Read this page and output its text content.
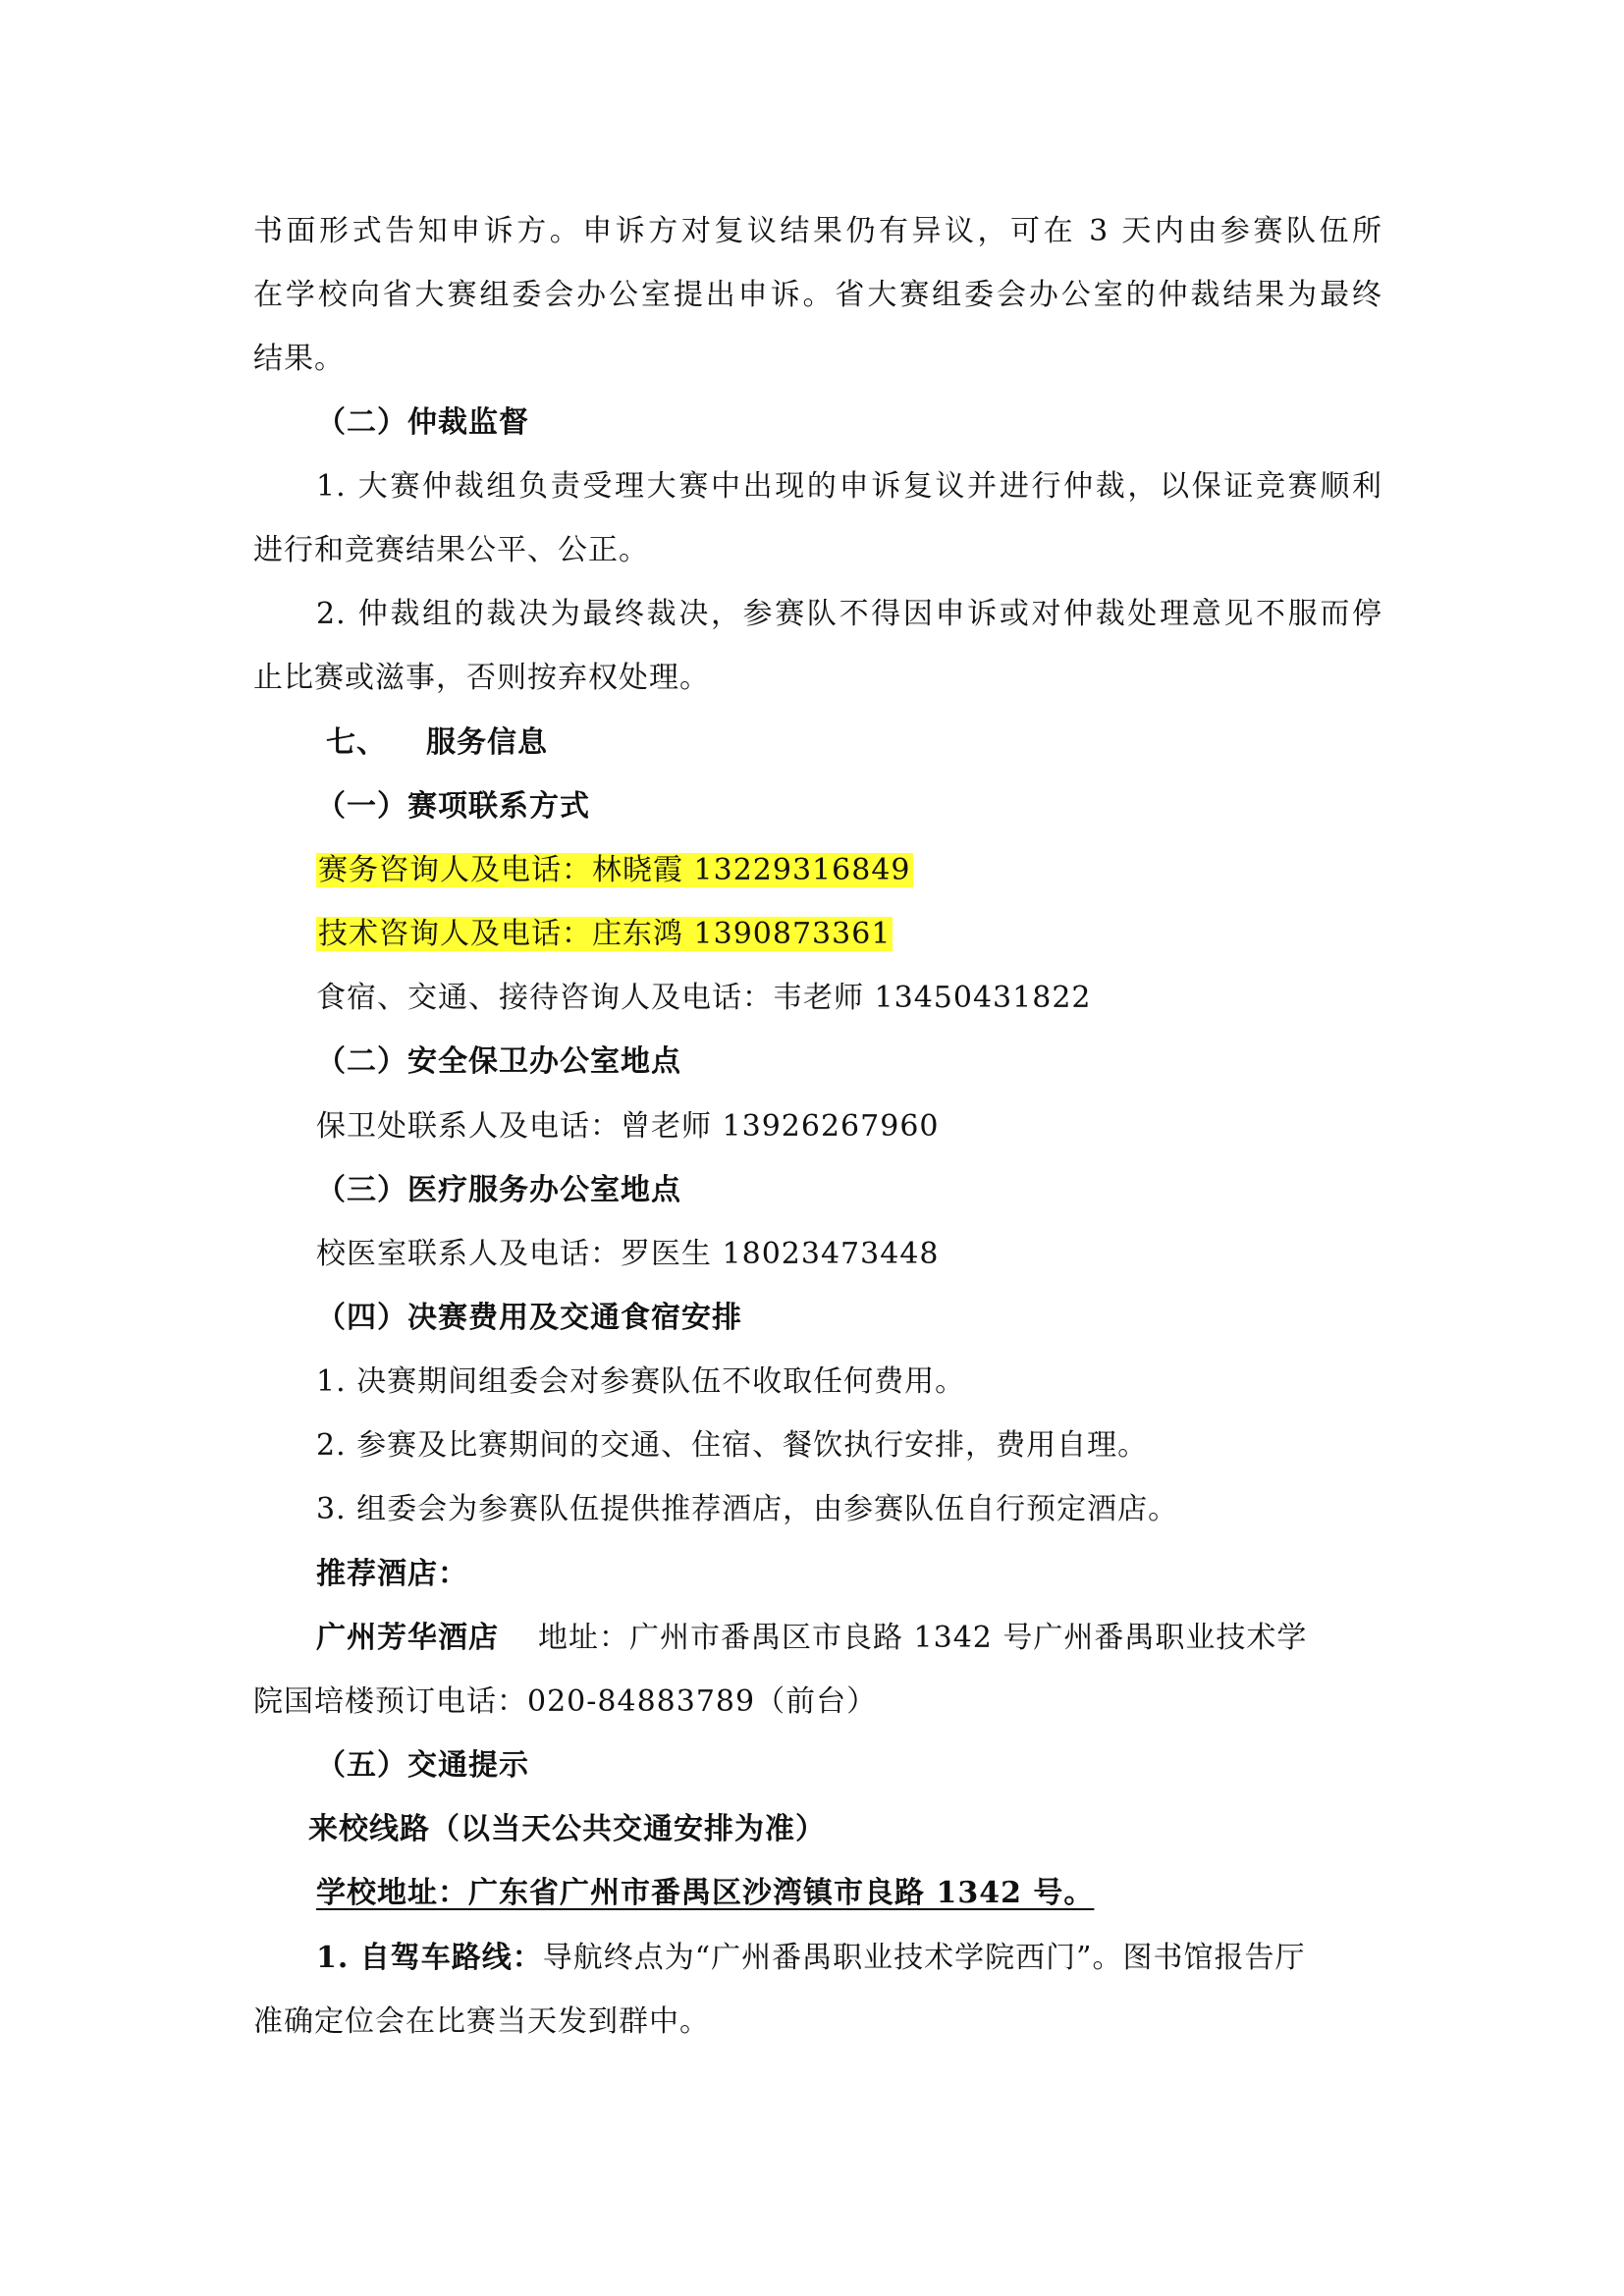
书面形式告知申诉方。申诉方对复议结果仍有异议，可在 3 天内由参赛队伍所
在学校向省大赛组委会办公室提出申诉。省大赛组委会办公室的仲裁结果为最终
结果。
（二）仲裁监督
1. 大赛仲裁组负责受理大赛中出现的申诉复议并进行仲裁，以保证竞赛顺利
进行和竞赛结果公平、公正。
2. 仲裁组的裁决为最终裁决，参赛队不得因申诉或对仲裁处理意见不服而停
止比赛或滋事，否则按弃权处理。
七、 服务信息
（一）赛项联系方式
赛务咨询人及电话：林晓霞 13229316849
技术咨询人及电话：庄东鸿 1390873361
食宿、交通、接待咨询人及电话：韦老师 13450431822
（二）安全保卫办公室地点
保卫处联系人及电话：曾老师 13926267960
（三）医疗服务办公室地点
校医室联系人及电话：罗医生 18023473448
（四）决赛费用及交通食宿安排
1. 决赛期间组委会对参赛队伍不收取任何费用。
2. 参赛及比赛期间的交通、住宿、餐饮执行安排，费用自理。
3. 组委会为参赛队伍提供推荐酒店，由参赛队伍自行预定酒店。
推荐酒店：
广州芳华酒店 地址：广州市番禺区市良路 1342 号广州番禺职业技术学
院国培楼预订电话：020-84883789（前台）
（五）交通提示
来校线路（以当天公共交通安排为准）
学校地址：广东省广州市番禺区沙湾镇市良路 1342 号。
1. 自驾车路线：导航终点为“广州番禺职业技术学院西门”。图书馆报告厅
准确定位会在比赛当天发到群中。
